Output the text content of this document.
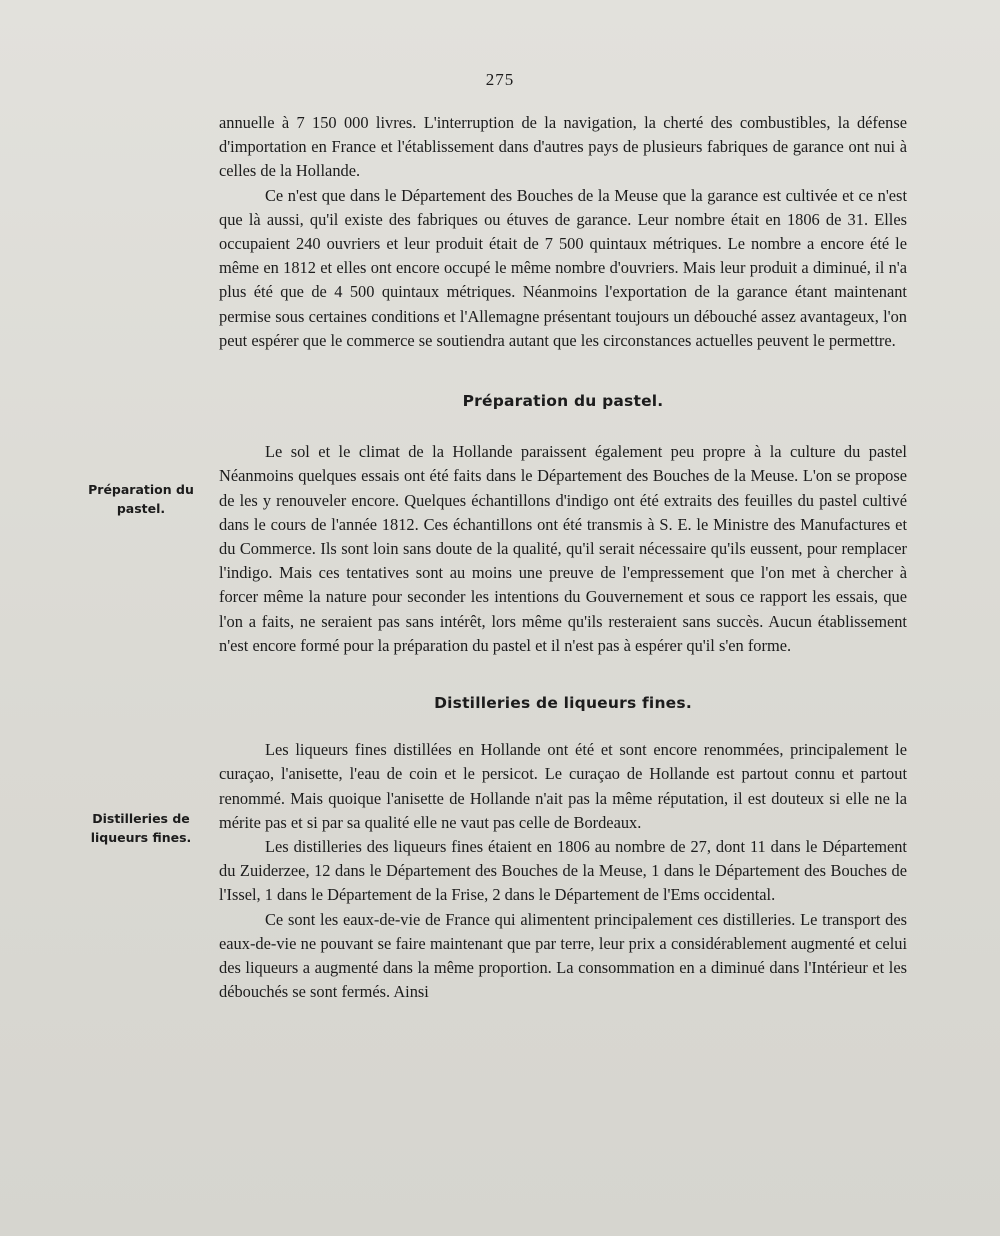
275
Préparation du pastel.
Distilleries de liqueurs fines.

annuelle à 7 150 000 livres. L'interruption de la navigation, la cherté des combustibles, la défense d'importation en France et l'établissement dans d'autres pays de plusieurs fabriques de garance ont nui à celles de la Hollande.

Ce n'est que dans le Département des Bouches de la Meuse que la garance est cultivée et ce n'est que là aussi, qu'il existe des fabriques ou étuves de garance. Leur nombre était en 1806 de 31. Elles occupaient 240 ouvriers et leur produit était de 7 500 quintaux métriques. Le nombre a encore été le même en 1812 et elles ont encore occupé le même nombre d'ouvriers. Mais leur produit a diminué, il n'a plus été que de 4 500 quintaux métriques. Néanmoins l'exportation de la garance étant maintenant permise sous certaines conditions et l'Allemagne présentant toujours un débouché assez avantageux, l'on peut espérer que le commerce se soutiendra autant que les circonstances actuelles peuvent le permettre.

Préparation du pastel.

Le sol et le climat de la Hollande paraissent également peu propre à la culture du pastel Néanmoins quelques essais ont été faits dans le Département des Bouches de la Meuse. L'on se propose de les y renouveler encore. Quelques échantillons d'indigo ont été extraits des feuilles du pastel cultivé dans le cours de l'année 1812. Ces échantillons ont été transmis à S. E. le Ministre des Manufactures et du Commerce. Ils sont loin sans doute de la qualité, qu'il serait nécessaire qu'ils eussent, pour remplacer l'indigo. Mais ces tentatives sont au moins une preuve de l'empressement que l'on met à chercher à forcer même la nature pour seconder les intentions du Gouvernement et sous ce rapport les essais, que l'on a faits, ne seraient pas sans intérêt, lors même qu'ils resteraient sans succès. Aucun établissement n'est encore formé pour la préparation du pastel et il n'est pas à espérer qu'il s'en forme.

Distilleries de liqueurs fines.

Les liqueurs fines distillées en Hollande ont été et sont encore renommées, principalement le curaçao, l'anisette, l'eau de coin et le persicot. Le curaçao de Hollande est partout connu et partout renommé. Mais quoique l'anisette de Hollande n'ait pas la même réputation, il est douteux si elle ne la mérite pas et si par sa qualité elle ne vaut pas celle de Bordeaux.

Les distilleries des liqueurs fines étaient en 1806 au nombre de 27, dont 11 dans le Département du Zuiderzee, 12 dans le Département des Bouches de la Meuse, 1 dans le Département des Bouches de l'Issel, 1 dans le Département de la Frise, 2 dans le Département de l'Ems occidental.

Ce sont les eaux-de-vie de France qui alimentent principalement ces distilleries. Le transport des eaux-de-vie ne pouvant se faire maintenant que par terre, leur prix a considérablement augmenté et celui des liqueurs a augmenté dans la même proportion. La consommation en a diminué dans l'Intérieur et les débouchés se sont fermés. Ainsi
